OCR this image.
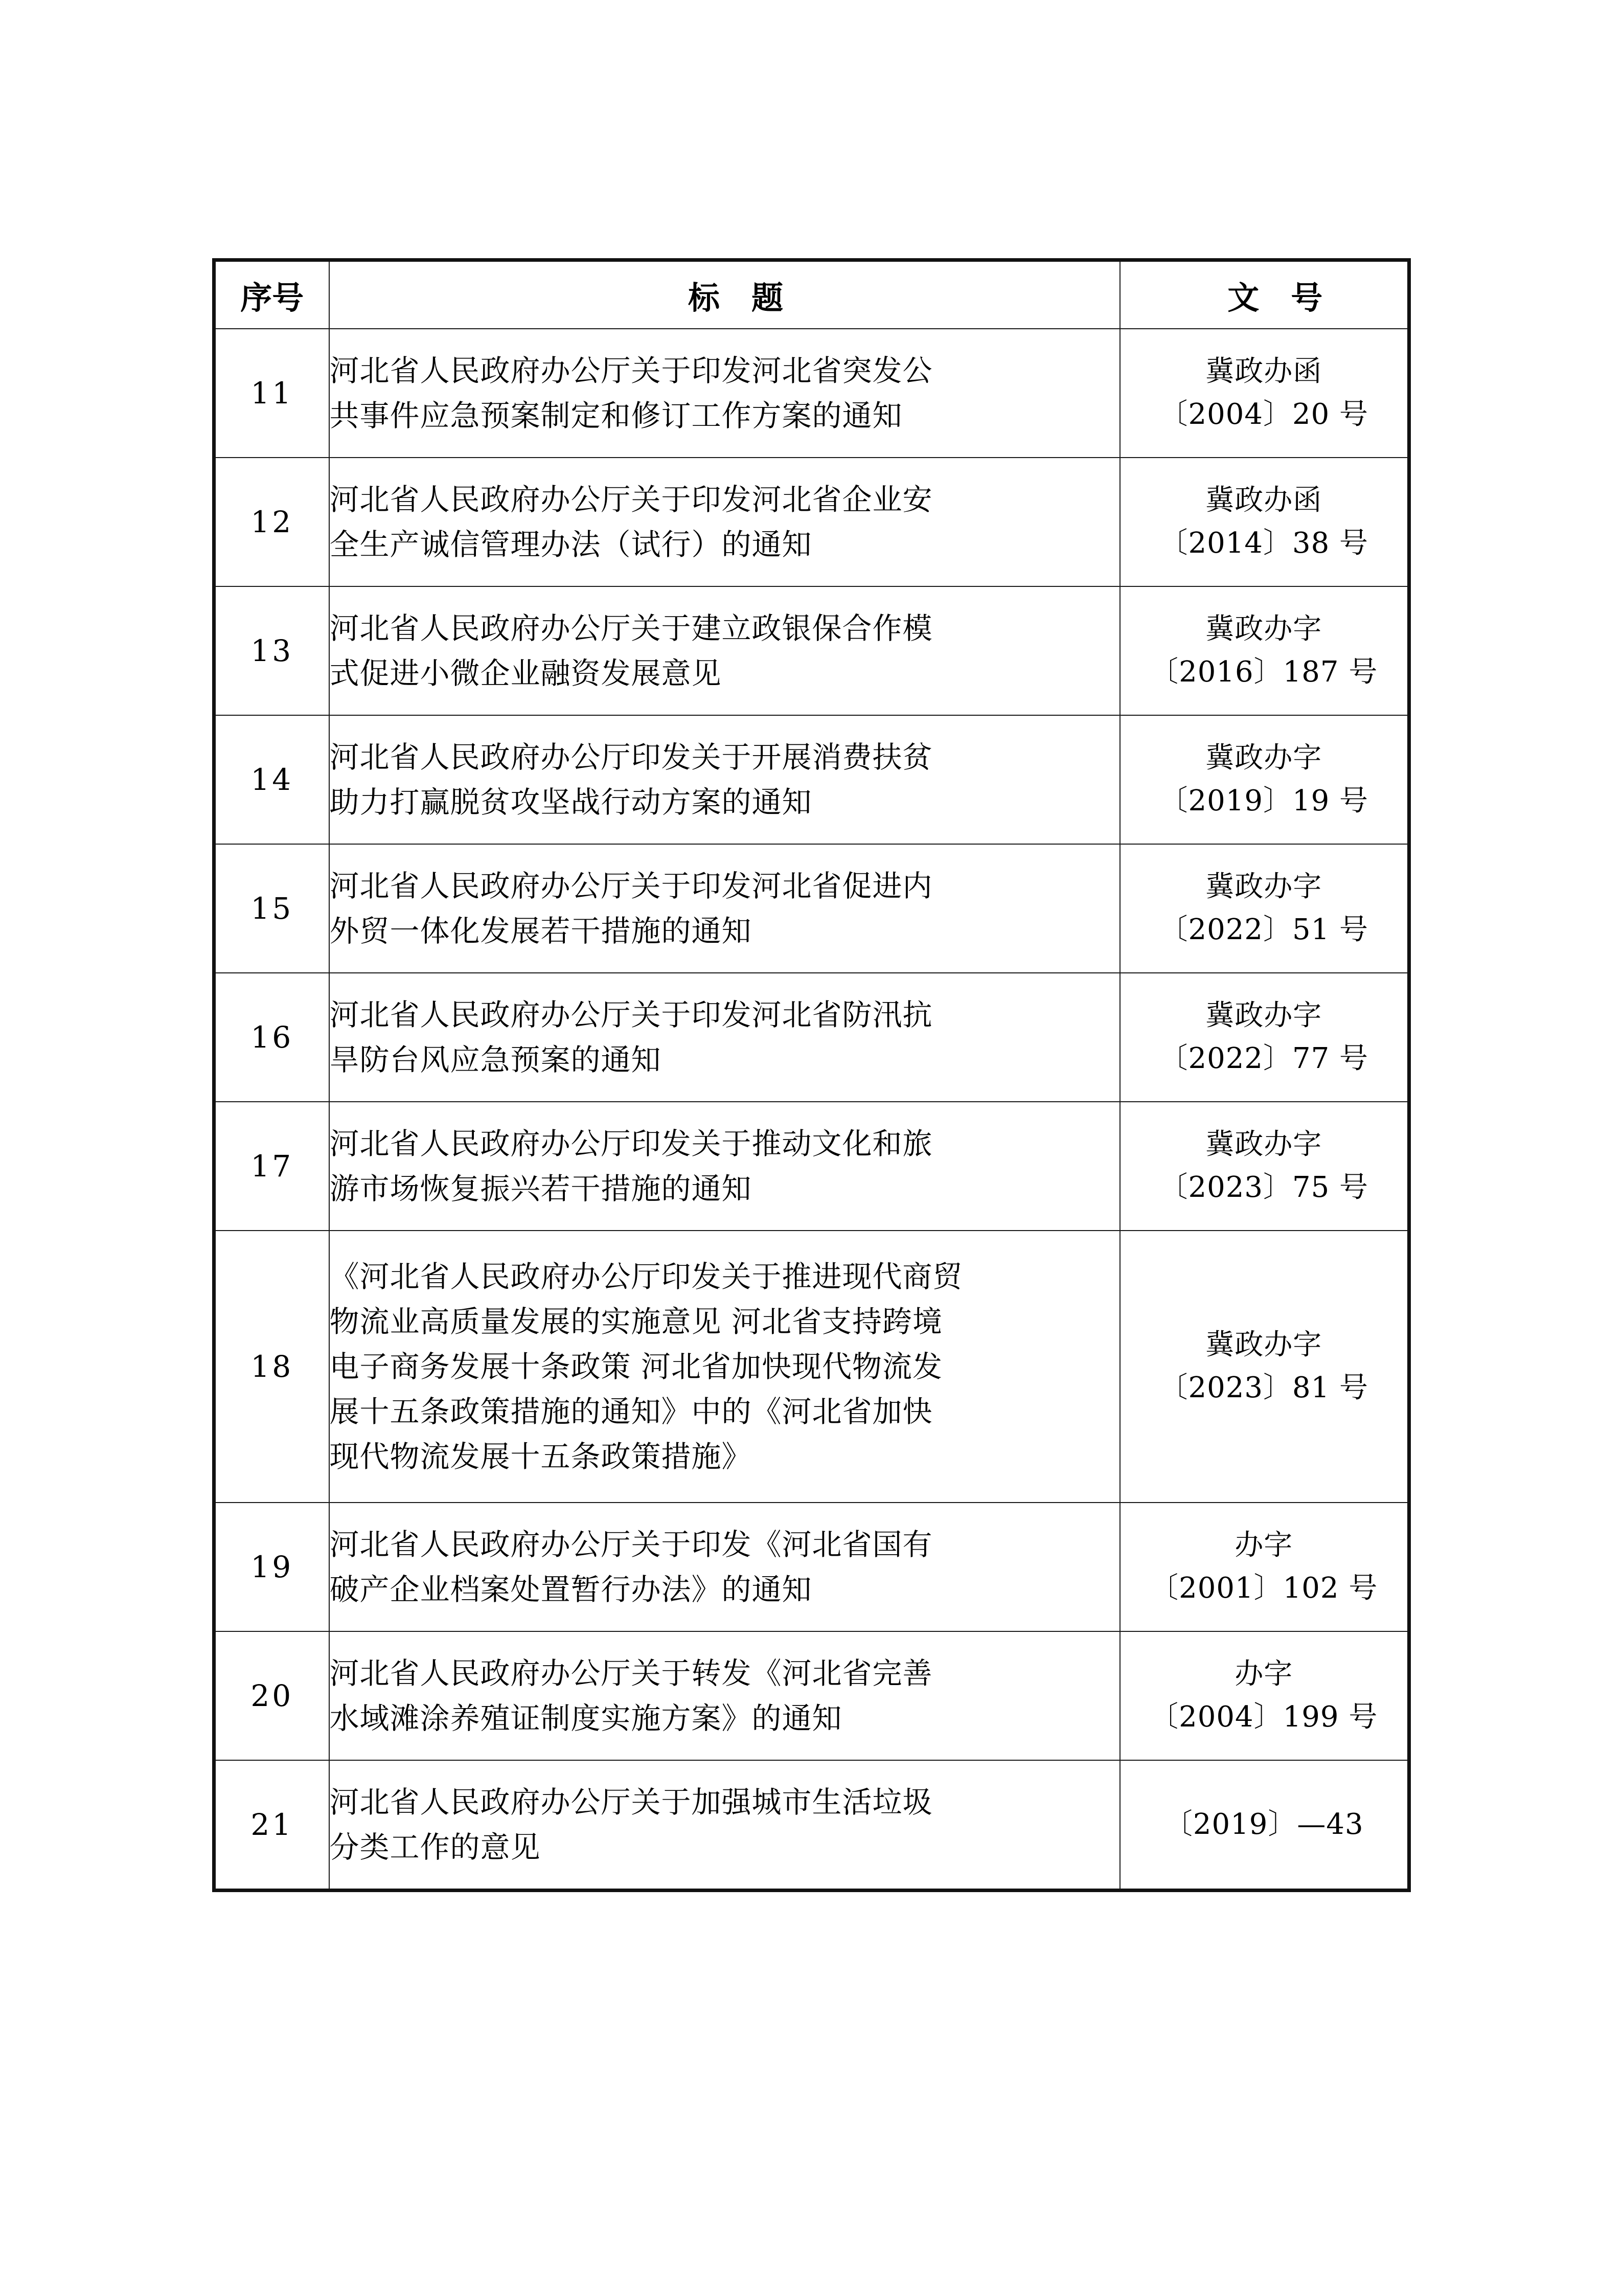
序号	标　题	文　号
11	河北省人民政府办公厅关于印发河北省突发公
共事件应急预案制定和修订工作方案的通知	冀政办函
〔2004〕20 号

12	河北省人民政府办公厅关于印发河北省企业安
全生产诚信管理办法（试行）的通知	冀政办函
〔2014〕38 号

13	河北省人民政府办公厅关于建立政银保合作模
式促进小微企业融资发展意见	冀政办字
〔2016〕187 号

14	河北省人民政府办公厅印发关于开展消费扶贫
助力打赢脱贫攻坚战行动方案的通知	冀政办字
〔2019〕19 号

15	河北省人民政府办公厅关于印发河北省促进内
外贸一体化发展若干措施的通知	冀政办字
〔2022〕51 号

16	河北省人民政府办公厅关于印发河北省防汛抗
旱防台风应急预案的通知	冀政办字
〔2022〕77 号

17	河北省人民政府办公厅印发关于推动文化和旅
游市场恢复振兴若干措施的通知	冀政办字
〔2023〕75 号

18	《河北省人民政府办公厅印发关于推进现代商贸
物流业高质量发展的实施意见 河北省支持跨境
电子商务发展十条政策 河北省加快现代物流发
展十五条政策措施的通知》中的《河北省加快
现代物流发展十五条政策措施》	冀政办字
〔2023〕81 号

19	河北省人民政府办公厅关于印发《河北省国有
破产企业档案处置暂行办法》的通知	办字
〔2001〕102 号

20	河北省人民政府办公厅关于转发《河北省完善
水域滩涂养殖证制度实施方案》的通知	办字
〔2004〕199 号

21	河北省人民政府办公厅关于加强城市生活垃圾
分类工作的意见	〔2019〕—43
